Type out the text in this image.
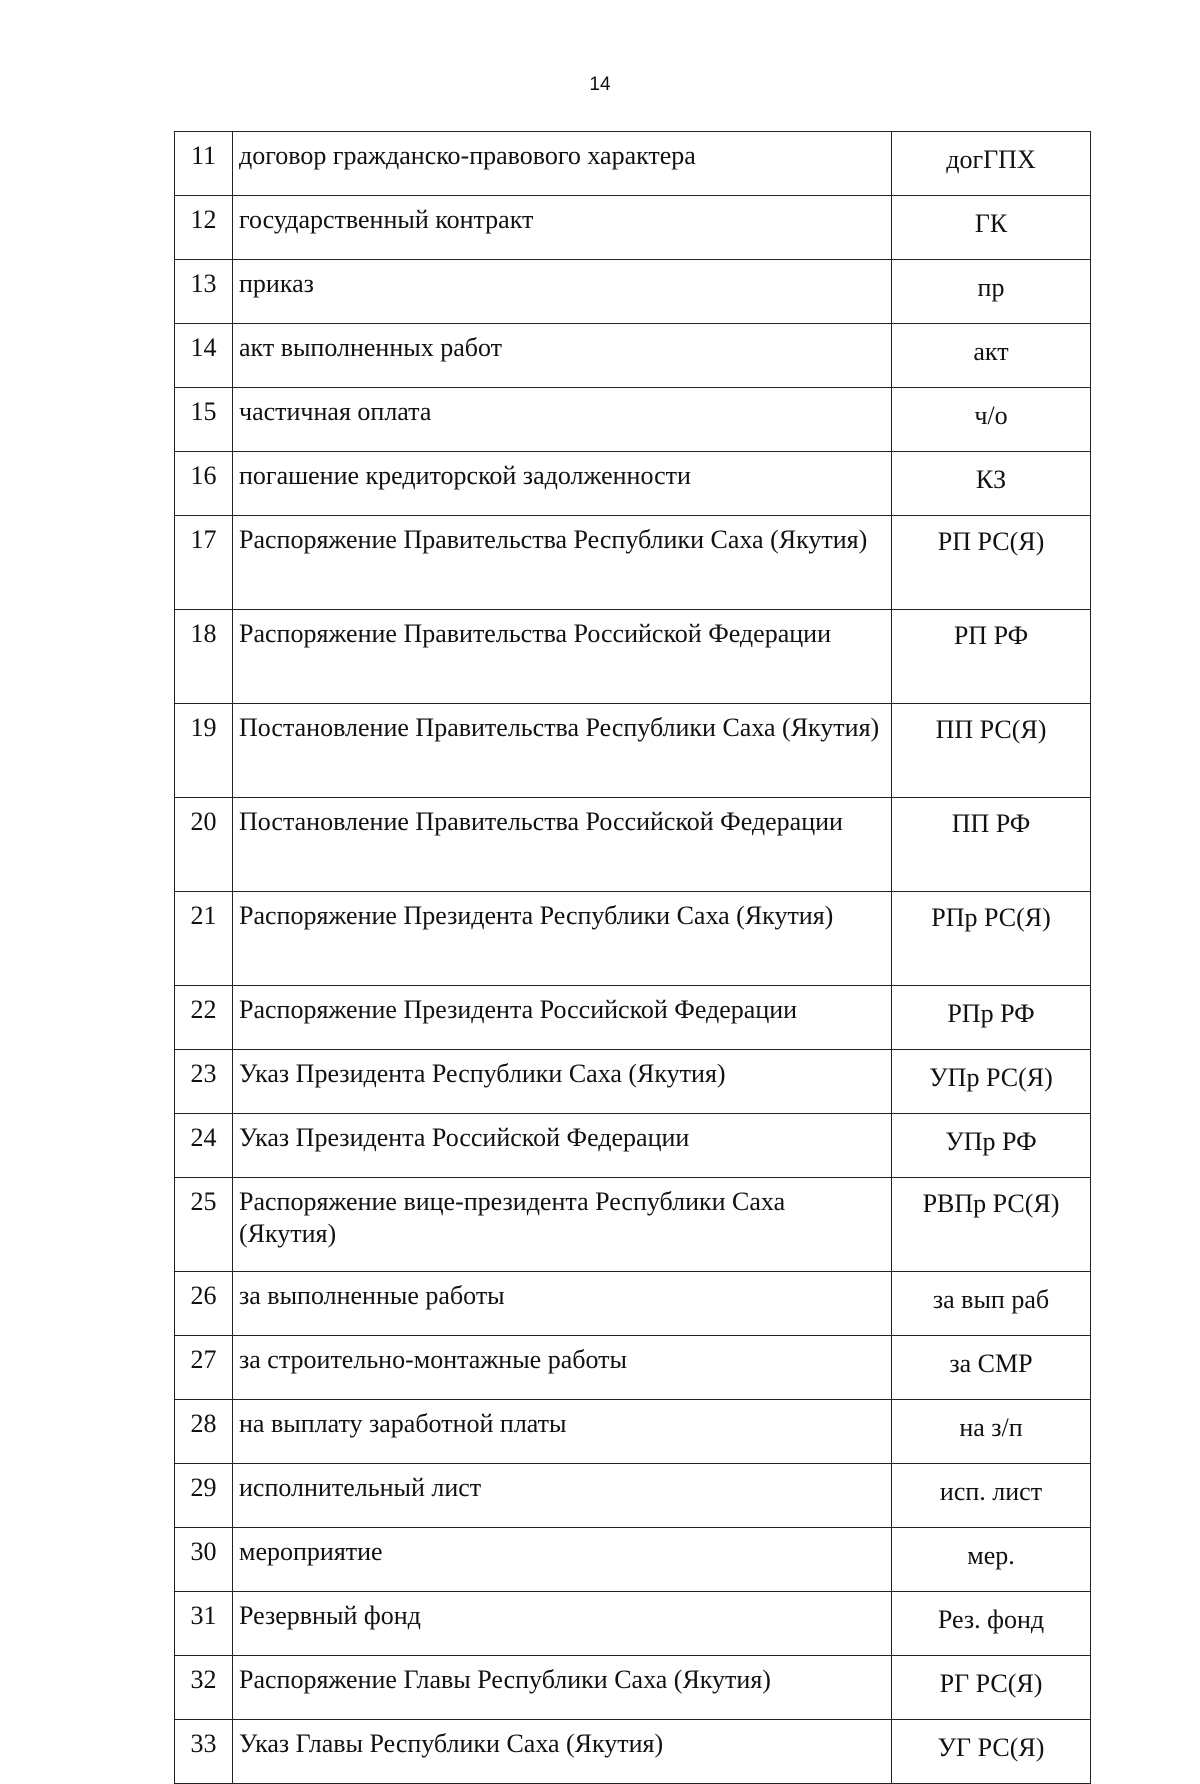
14
11	договор гражданско-правового характера	догГПХ
12	государственный контракт	ГК
13	приказ	пр
14	акт выполненных работ	акт
15	частичная оплата	ч/о
16	погашение кредиторской задолженности	КЗ
17	Распоряжение Правительства Республики Саха (Якутия)	РП РС(Я)
18	Распоряжение Правительства Российской Федерации	РП РФ
19	Постановление Правительства Республики Саха (Якутия)	ПП РС(Я)
20	Постановление Правительства Российской Федерации	ПП РФ
21	Распоряжение Президента Республики Саха (Якутия)	РПр РС(Я)
22	Распоряжение Президента Российской Федерации	РПр РФ
23	Указ Президента Республики Саха (Якутия)	УПр РС(Я)
24	Указ Президента Российской Федерации	УПр РФ
25	Распоряжение вице-президента Республики Саха (Якутия)	РВПр РС(Я)
26	за выполненные работы	за вып раб
27	за строительно-монтажные работы	за СМР
28	на выплату заработной платы	на з/п
29	исполнительный лист	исп. лист
30	мероприятие	мер.
31	Резервный фонд	Рез. фонд
32	Распоряжение Главы Республики Саха (Якутия)	РГ РС(Я)
33	Указ Главы Республики Саха (Якутия)	УГ РС(Я)
